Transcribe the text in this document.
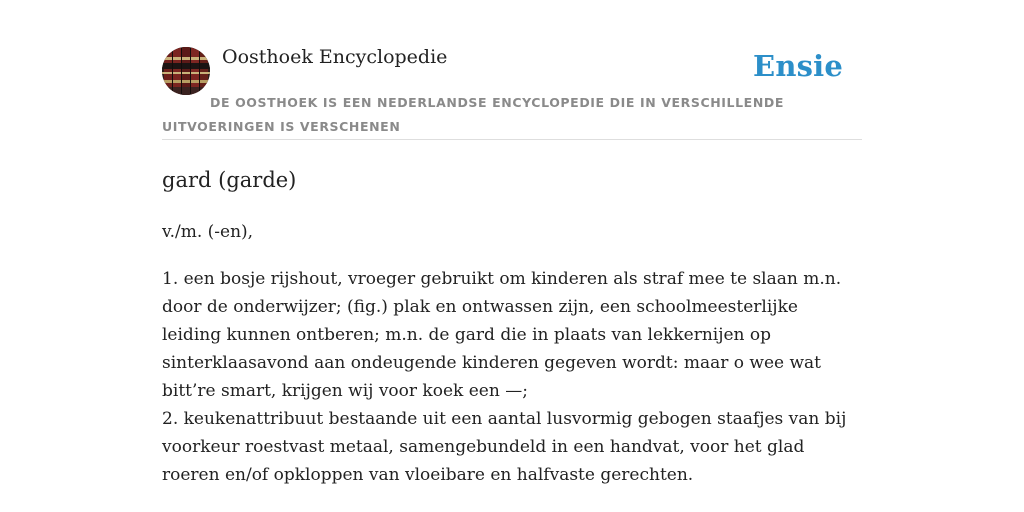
Oosthoek Encyclopedie	Ensie
DE OOSTHOEK IS EEN NEDERLANDSE ENCYCLOPEDIE DIE IN VERSCHILLENDE UITVOERINGEN IS VERSCHENEN
gard (garde)

v./m. (-en),

1. een bosje rijshout, vroeger gebruikt om kinderen als straf mee te slaan m.n. door de onderwijzer; (fig.) plak en ontwassen zijn, een schoolmeesterlijke leiding kunnen ontberen; m.n. de gard die in plaats van lekkernijen op sinterklaasavond aan ondeugende kinderen gegeven wordt: maar o wee wat bitt’re smart, krijgen wij voor koek een —;
2. keukenattribuut bestaande uit een aantal lusvormig gebogen staafjes van bij voorkeur roestvast metaal, samengebundeld in een handvat, voor het glad roeren en/of opkloppen van vloeibare en halfvaste gerechten.
